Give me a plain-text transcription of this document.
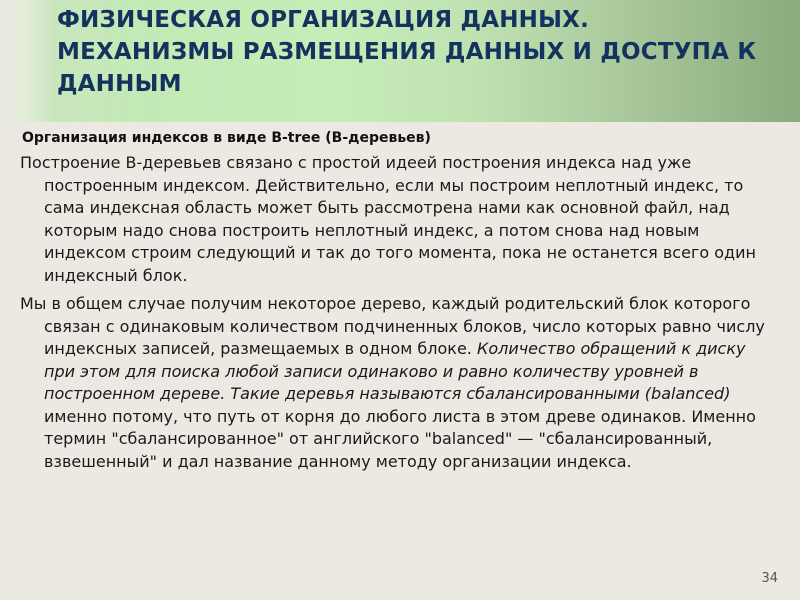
ФИЗИЧЕСКАЯ ОРГАНИЗАЦИЯ ДАННЫХ. МЕХАНИЗМЫ РАЗМЕЩЕНИЯ ДАННЫХ И ДОСТУПА К ДАННЫМ

Организация индексов в виде B-tree (B-деревьев)

Построение B-деревьев связано с простой идеей построения индекса над уже построенным индексом. Действительно, если мы построим неплотный индекс, то сама индексная область может быть рассмотрена нами как основной файл, над которым надо снова построить неплотный индекс, а потом снова над новым индексом строим следующий и так до того момента, пока не останется всего один индексный блок.

Мы в общем случае получим некоторое дерево, каждый родительский блок которого связан с одинаковым количеством подчиненных блоков, число которых равно числу индексных записей, размещаемых в одном блоке. Количество обращений к диску при этом для поиска любой записи одинаково и равно количеству уровней в построенном дереве. Такие деревья называются сбалансированными (balanced) именно потому, что путь от корня до любого листа в этом древе одинаков. Именно термин "сбалансированное" от английского "balanced" — "сбалансированный, взвешенный" и дал название данному методу организации индекса.

34
